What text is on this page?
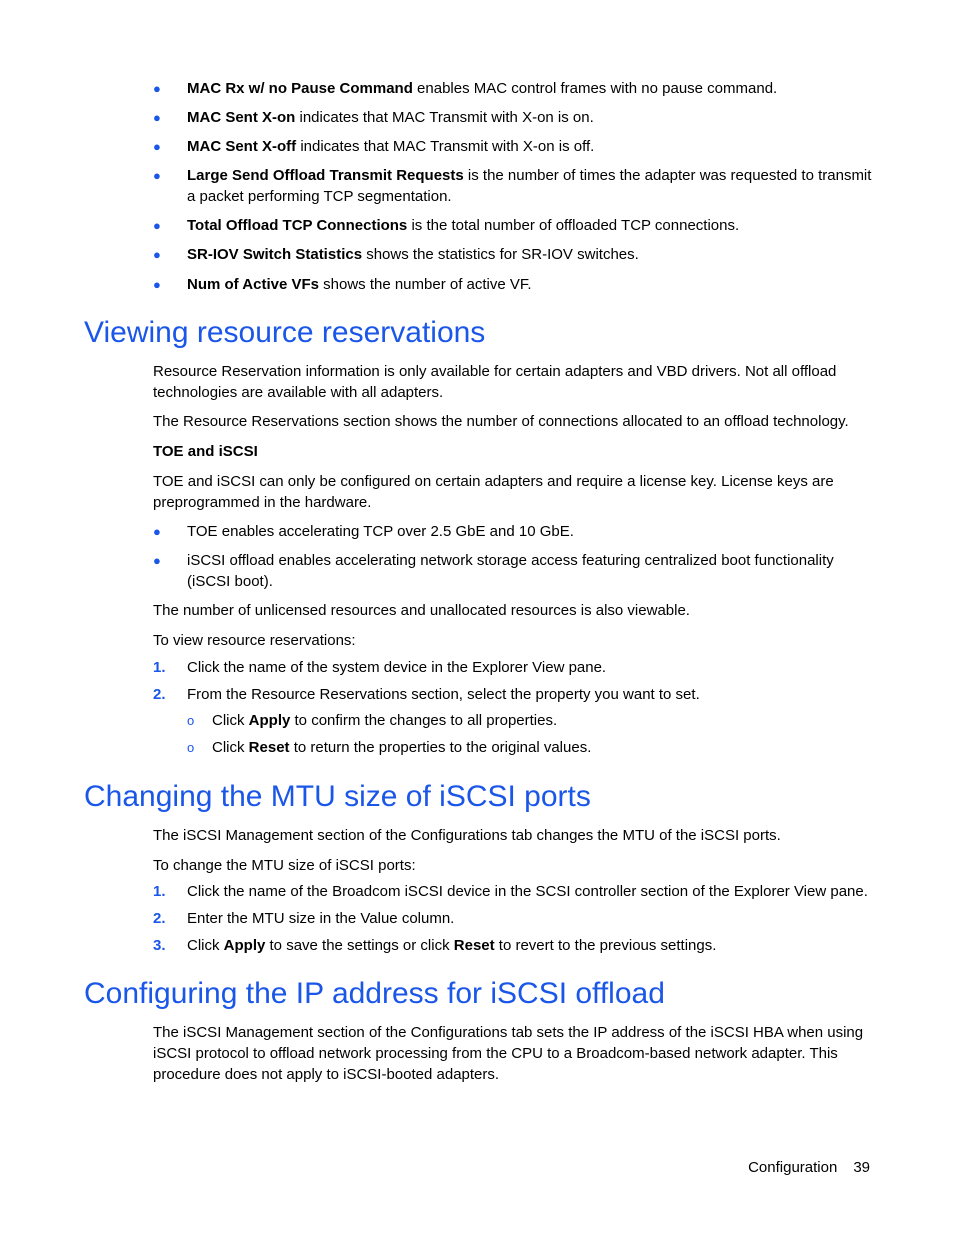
● MAC Rx w/ no Pause Command enables MAC control frames with no pause command.
● MAC Sent X-on indicates that MAC Transmit with X-on is on.
● MAC Sent X-off indicates that MAC Transmit with X-on is off.
● Large Send Offload Transmit Requests is the number of times the adapter was requested to transmit a packet performing TCP segmentation.
● Total Offload TCP Connections is the total number of offloaded TCP connections.
● SR-IOV Switch Statistics shows the statistics for SR-IOV switches.
● Num of Active VFs shows the number of active VF.
Viewing resource reservations
Resource Reservation information is only available for certain adapters and VBD drivers. Not all offload technologies are available with all adapters.
The Resource Reservations section shows the number of connections allocated to an offload technology.
TOE and iSCSI
TOE and iSCSI can only be configured on certain adapters and require a license key. License keys are preprogrammed in the hardware.
● TOE enables accelerating TCP over 2.5 GbE and 10 GbE.
● iSCSI offload enables accelerating network storage access featuring centralized boot functionality (iSCSI boot).
The number of unlicensed resources and unallocated resources is also viewable.
To view resource reservations:
1. Click the name of the system device in the Explorer View pane.
2. From the Resource Reservations section, select the property you want to set.
o Click Apply to confirm the changes to all properties.
o Click Reset to return the properties to the original values.
Changing the MTU size of iSCSI ports
The iSCSI Management section of the Configurations tab changes the MTU of the iSCSI ports.
To change the MTU size of iSCSI ports:
1. Click the name of the Broadcom iSCSI device in the SCSI controller section of the Explorer View pane.
2. Enter the MTU size in the Value column.
3. Click Apply to save the settings or click Reset to revert to the previous settings.
Configuring the IP address for iSCSI offload
The iSCSI Management section of the Configurations tab sets the IP address of the iSCSI HBA when using iSCSI protocol to offload network processing from the CPU to a Broadcom-based network adapter. This procedure does not apply to iSCSI-booted adapters.
Configuration 39
